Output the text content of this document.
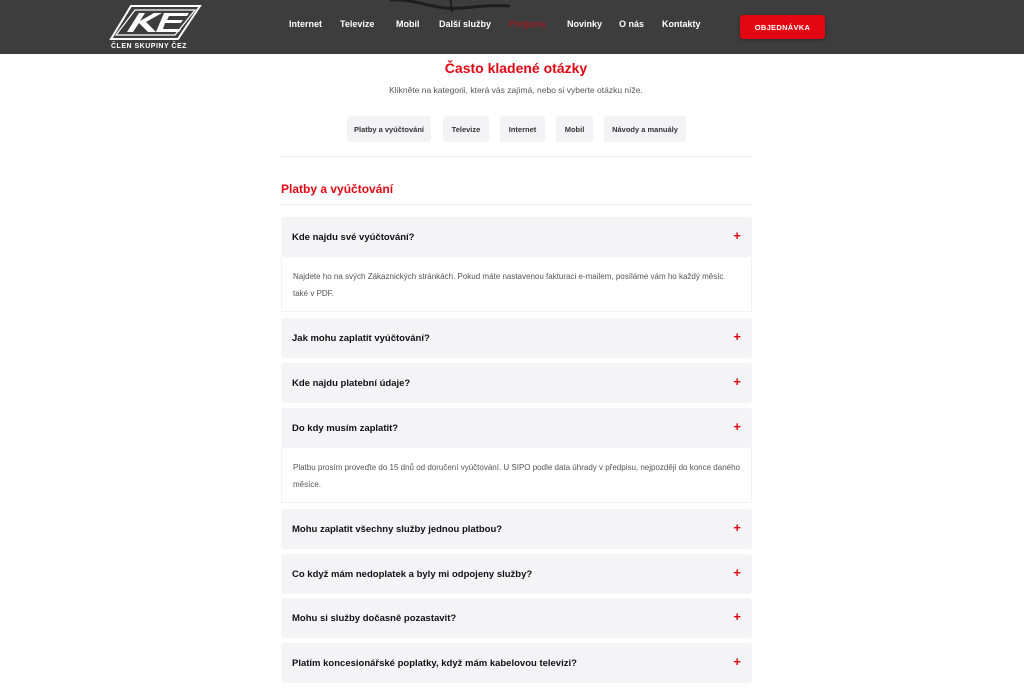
ČLEN SKUPINY ČEZ
Internet Televize Mobil Další služby Podpora Novinky O nás Kontakty	OBJEDNÁVKA
Často kladené otázky

Klikněte na kategorii, která vás zajímá, nebo si vyberte otázku níže.

Platby a vyúčtování	Televize	Internet	Mobil	Návody a manuály
Platby a vyúčtování
Kde najdu své vyúčtování?	+
Najdete ho na svých Zákaznických stránkách. Pokud máte nastavenou fakturaci e-mailem, posíláme vám ho každý měsíc také v PDF.
Jak mohu zaplatit vyúčtování?	+
Kde najdu platební údaje?	+
Do kdy musím zaplatit?	+
Platbu prosím proveďte do 15 dnů od doručení vyúčtování. U SIPO podle data úhrady v předpisu, nejpozději do konce daného měsíce.
Mohu zaplatit všechny služby jednou platbou?	+
Co když mám nedoplatek a byly mi odpojeny služby?	+
Mohu si služby dočasně pozastavit?	+
Platím koncesionářské poplatky, když mám kabelovou televizi?	+
